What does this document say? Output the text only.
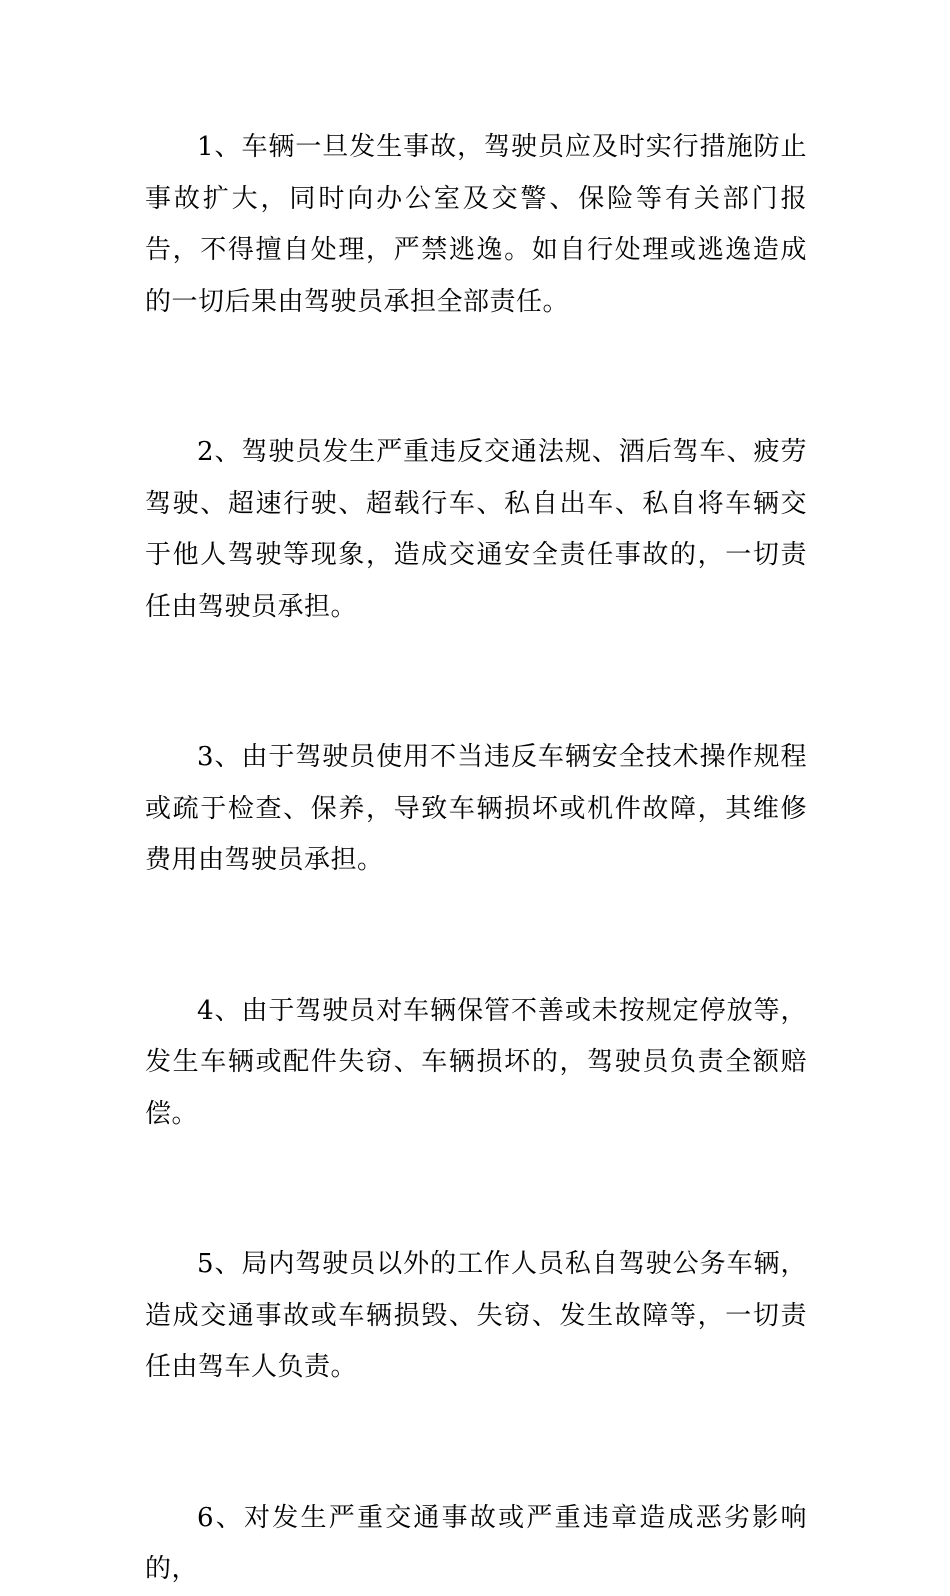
1、车辆一旦发生事故，驾驶员应及时实行措施防止事故扩大，同时向办公室及交警、保险等有关部门报告，不得擅自处理，严禁逃逸。如自行处理或逃逸造成的一切后果由驾驶员承担全部责任。

2、驾驶员发生严重违反交通法规、酒后驾车、疲劳驾驶、超速行驶、超载行车、私自出车、私自将车辆交于他人驾驶等现象，造成交通安全责任事故的，一切责任由驾驶员承担。

3、由于驾驶员使用不当违反车辆安全技术操作规程或疏于检查、保养，导致车辆损坏或机件故障，其维修费用由驾驶员承担。

4、由于驾驶员对车辆保管不善或未按规定停放等，发生车辆或配件失窃、车辆损坏的，驾驶员负责全额赔偿。

5、局内驾驶员以外的工作人员私自驾驶公务车辆，造成交通事故或车辆损毁、失窃、发生故障等，一切责任由驾车人负责。

6、对发生严重交通事故或严重违章造成恶劣影响的，
